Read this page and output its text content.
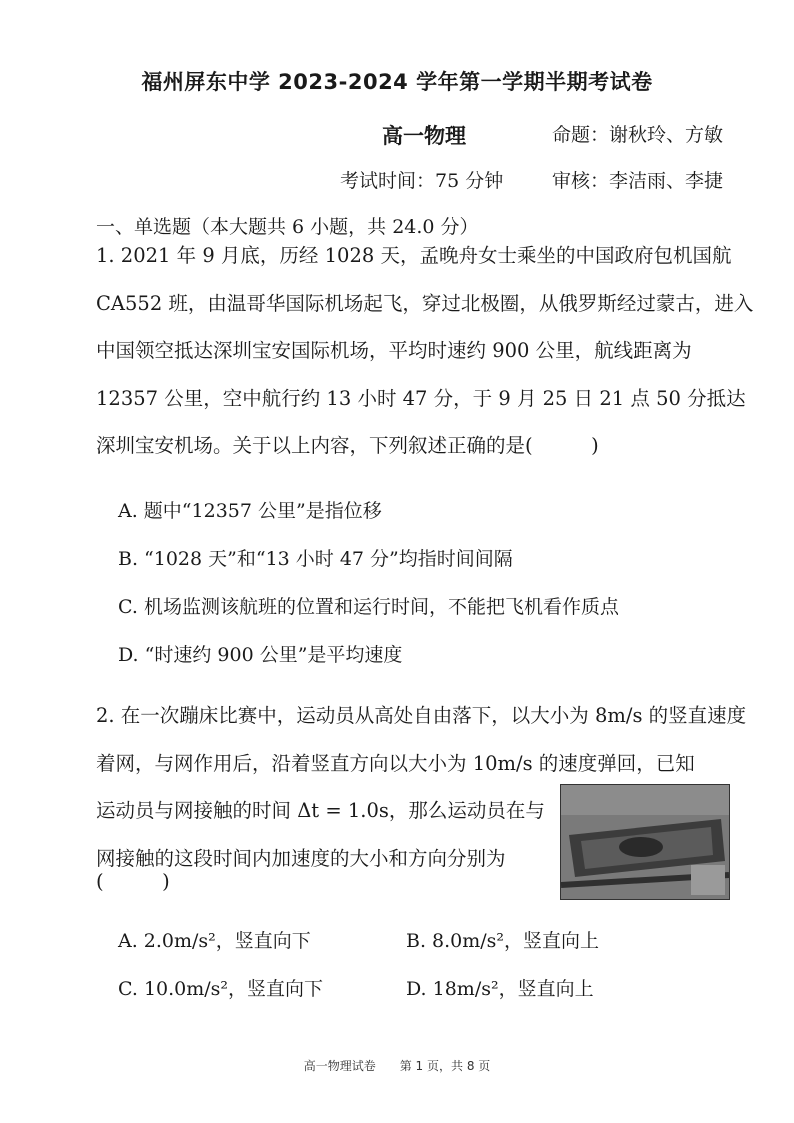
福州屏东中学 2023-2024 学年第一学期半期考试卷
高一物理	命题：谢秋玲、方敏
考试时间：75 分钟	审核：李洁雨、李捷
一、单选题（本大题共 6 小题，共 24.0 分）

1. 2021 年 9 月底，历经 1028 天，孟晚舟女士乘坐的中国政府包机国航 CA552 班，由温哥华国际机场起飞，穿过北极圈，从俄罗斯经过蒙古，进入中国领空抵达深圳宝安国际机场，平均时速约 900 公里，航线距离为 12357 公里，空中航行约 13 小时 47 分，于 9 月 25 日 21 点 50 分抵达深圳宝安机场。关于以上内容，下列叙述正确的是(　　　)

A. 题中“12357 公里”是指位移
B. “1028 天”和“13 小时 47 分”均指时间间隔
C. 机场监测该航班的位置和运行时间，不能把飞机看作质点
D. “时速约 900 公里”是平均速度
2. 在一次蹦床比赛中，运动员从高处自由落下，以大小为 8m/s 的竖直速度着网，与网作用后，沿着竖直方向以大小为 10m/s 的速度弹回，已知
运动员与网接触的时间 Δt = 1.0s，那么运动员在与网接触的这段时间内加速度的大小和方向分别为
(　　　)
A. 2.0m/s²，竖直向下	B. 8.0m/s²，竖直向上
C. 10.0m/s²，竖直向下	D. 18m/s²，竖直向上
高一物理试卷　　第 1 页，共 8 页
